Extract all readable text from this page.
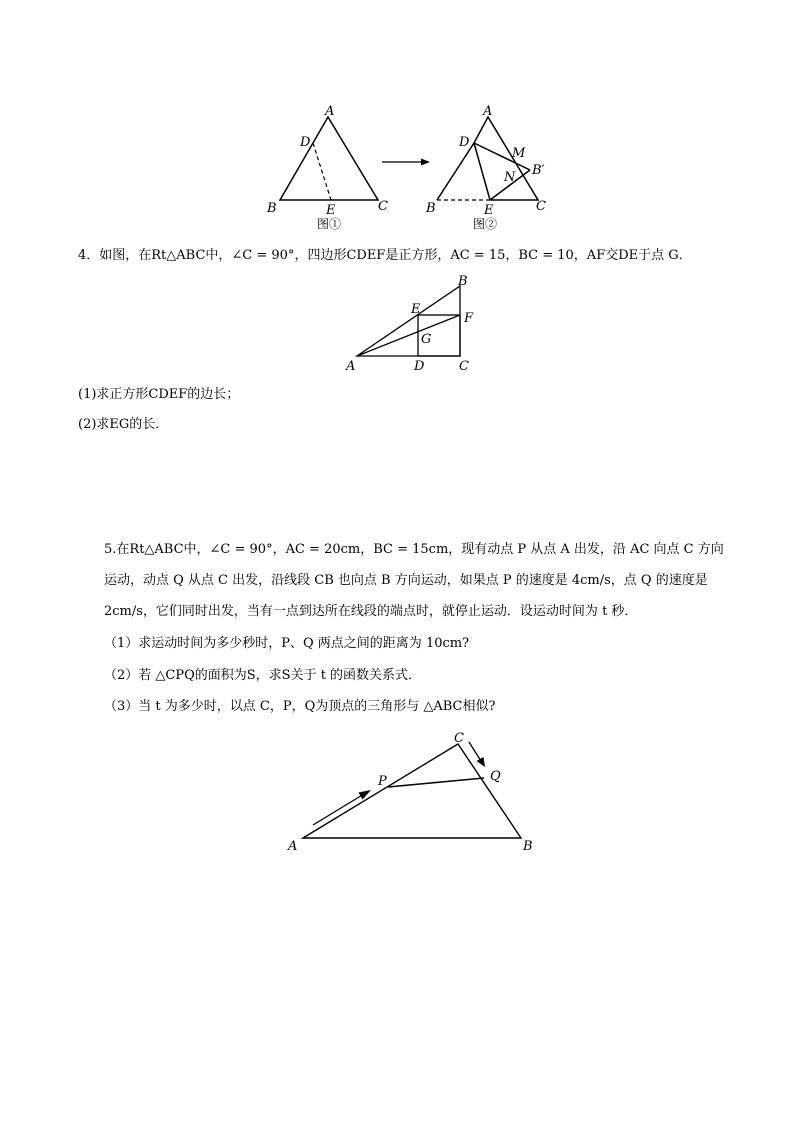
A
B	C
D
E
图①
A
B	C
D
E
M
N B′
图②
4．如图，在Rt△ABC中，∠C = 90°，四边形CDEF是正方形，AC = 15，BC = 10，AF交DE于点 G．
A
B
C
D
E
F
G
(1)求正方形CDEF的边长；
(2)求EG的长．
5.在Rt△ABC中，∠C = 90°，AC = 20cm，BC = 15cm，现有动点 P 从点 A 出发，沿 AC 向点 C 方向
运动，动点 Q 从点 C 出发，沿线段 CB 也向点 B 方向运动，如果点 P 的速度是 4cm/s，点 Q 的速度是
2cm/s，它们同时出发，当有一点到达所在线段的端点时，就停止运动．设运动时间为 t 秒．
（1）求运动时间为多少秒时，P、Q 两点之间的距离为 10cm?
（2）若 △CPQ的面积为S，求S关于 t 的函数关系式．
（3）当 t 为多少时，以点 C，P，Q为顶点的三角形与 △ABC相似?
A	B
C
P	Q
